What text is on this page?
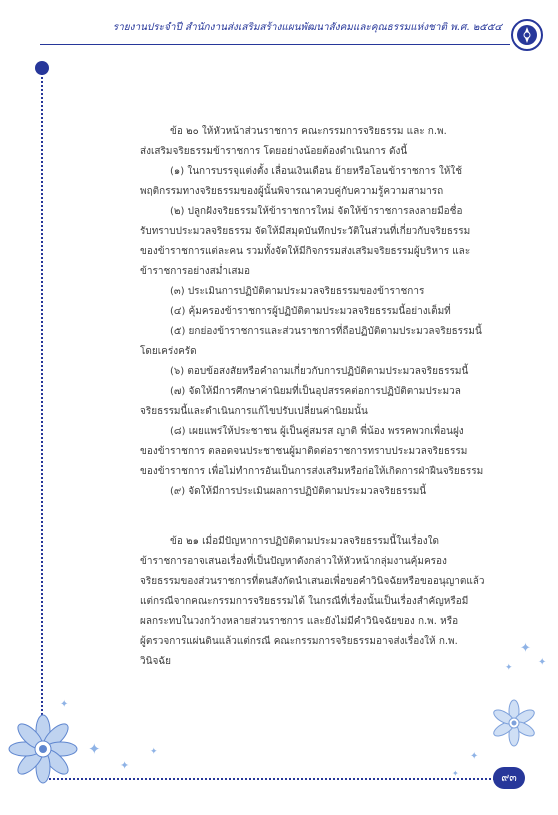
รายงานประจำปี สำนักงานส่งเสริมสร้างแผนพัฒนาสังคมและคุณธรรมแห่งชาติ พ.ศ. ๒๕๕๔

ข้อ ๒๐ ให้หัวหน้าส่วนราชการ คณะกรรมการจริยธรรม และ ก.พ.

ส่งเสริมจริยธรรมข้าราชการ โดยอย่างน้อยต้องดำเนินการ ดังนี้

(๑) ในการบรรจุแต่งตั้ง เลื่อนเงินเดือน ย้ายหรือโอนข้าราชการ ให้ใช้

พฤติกรรมทางจริยธรรมของผู้นั้นพิจารณาควบคู่กับความรู้ความสามารถ

(๒) ปลูกฝังจริยธรรมให้ข้าราชการใหม่ จัดให้ข้าราชการลงลายมือชื่อ

รับทราบประมวลจริยธรรม จัดให้มีสมุดบันทึกประวัติในส่วนที่เกี่ยวกับจริยธรรม

ของข้าราชการแต่ละคน รวมทั้งจัดให้มีกิจกรรมส่งเสริมจริยธรรมผู้บริหาร และ

ข้าราชการอย่างสม่ำเสมอ

(๓) ประเมินการปฏิบัติตามประมวลจริยธรรมของข้าราชการ

(๔) คุ้มครองข้าราชการผู้ปฏิบัติตามประมวลจริยธรรมนี้อย่างเต็มที่

(๕) ยกย่องข้าราชการและส่วนราชการที่ถือปฏิบัติตามประมวลจริยธรรมนี้

โดยเคร่งครัด

(๖) ตอบข้อสงสัยหรือคำถามเกี่ยวกับการปฏิบัติตามประมวลจริยธรรมนี้

(๗) จัดให้มีการศึกษาค่านิยมที่เป็นอุปสรรคต่อการปฏิบัติตามประมวล

จริยธรรมนี้และดำเนินการแก้ไขปรับเปลี่ยนค่านิยมนั้น

(๘) เผยแพร่ให้ประชาชน ผู้เป็นคู่สมรส ญาติ พี่น้อง พรรคพวกเพื่อนฝูง

ของข้าราชการ ตลอดจนประชาชนผู้มาติดต่อราชการทราบประมวลจริยธรรม

ของข้าราชการ เพื่อไม่ทำการอันเป็นการส่งเสริมหรือก่อให้เกิดการฝ่าฝืนจริยธรรม

(๙) จัดให้มีการประเมินผลการปฏิบัติตามประมวลจริยธรรมนี้

ข้อ ๒๑ เมื่อมีปัญหาการปฏิบัติตามประมวลจริยธรรมนี้ในเรื่องใด

ข้าราชการอาจเสนอเรื่องที่เป็นปัญหาดังกล่าวให้หัวหน้ากลุ่มงานคุ้มครอง

จริยธรรมของส่วนราชการที่ตนสังกัดนำเสนอเพื่อขอคำวินิจฉัยหรือขออนุญาตแล้ว

แต่กรณีจากคณะกรรมการจริยธรรมได้ ในกรณีที่เรื่องนั้นเป็นเรื่องสำคัญหรือมี

ผลกระทบในวงกว้างหลายส่วนราชการ และยังไม่มีคำวินิจฉัยของ ก.พ. หรือ

ผู้ตรวจการแผ่นดินแล้วแต่กรณี คณะกรรมการจริยธรรมอาจส่งเรื่องให้ ก.พ.

วินิจฉัย

✦
✦
✦
✦
✦
✦
✦
✦
✦	๙๓
